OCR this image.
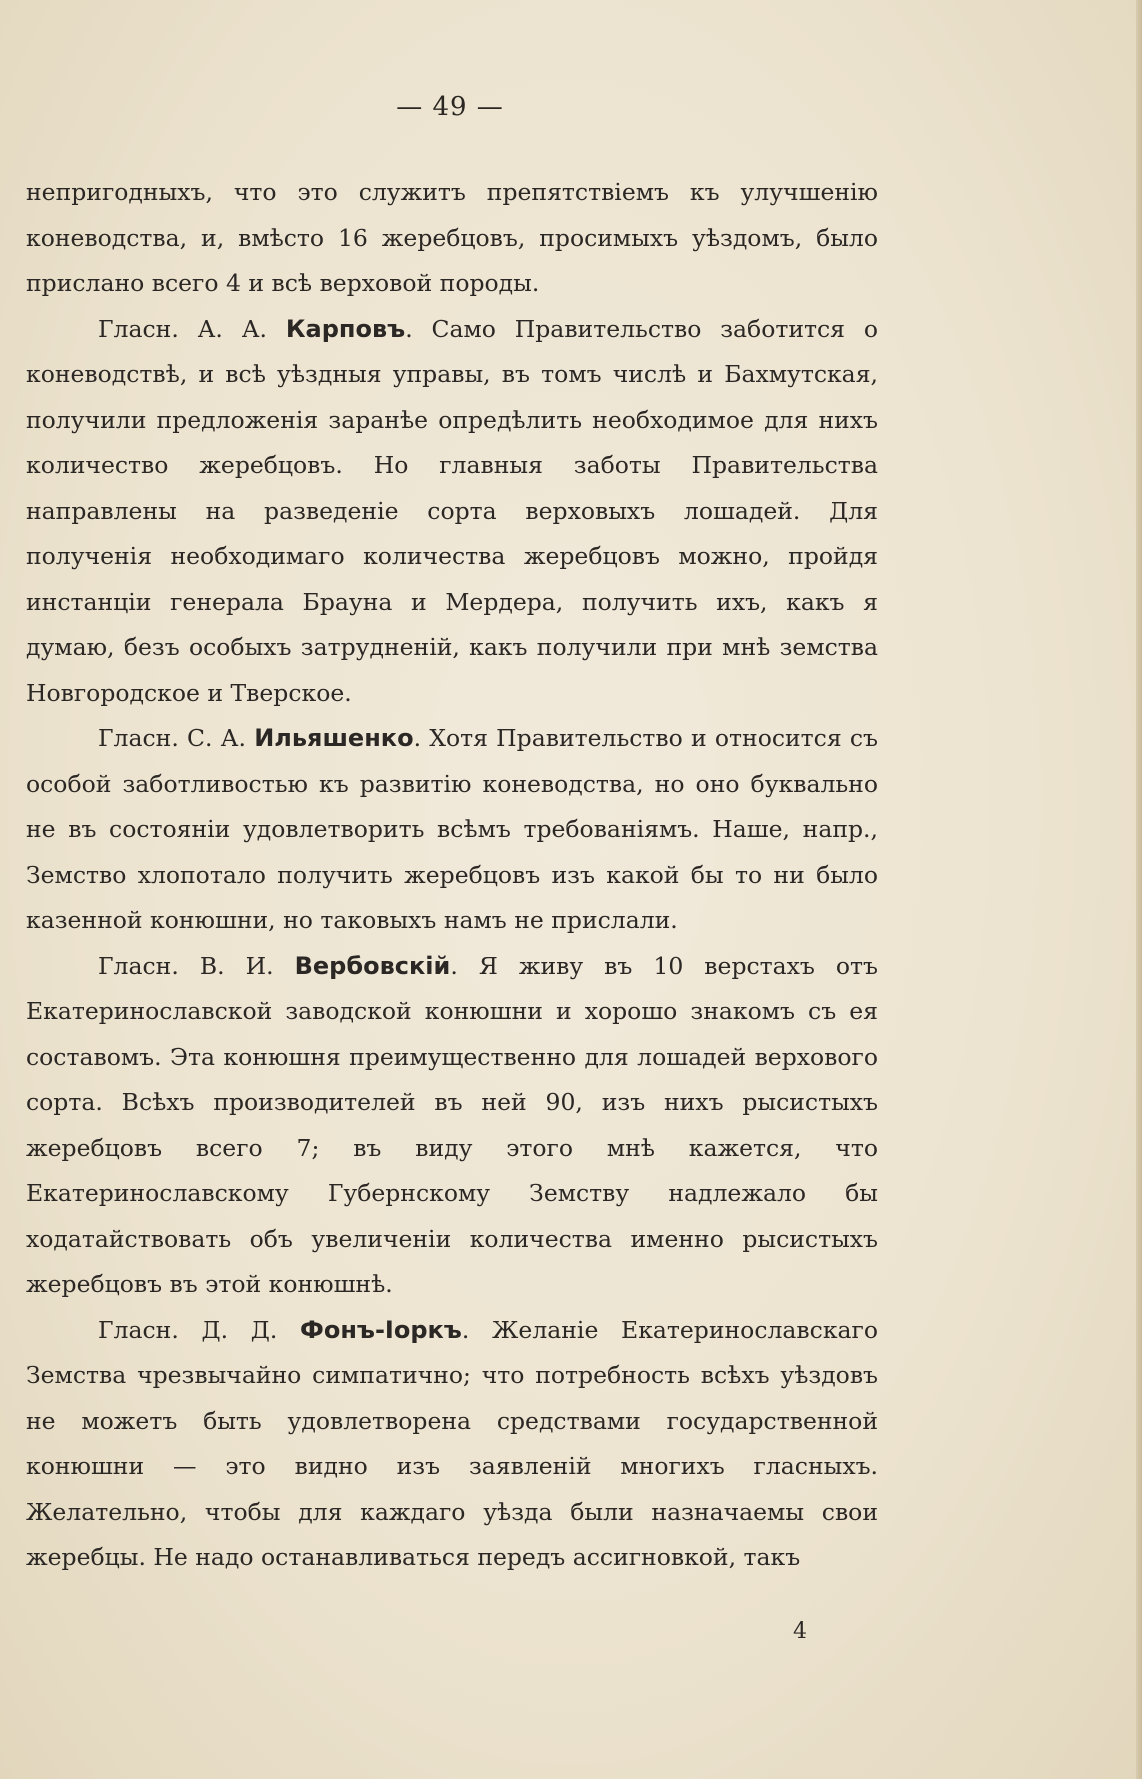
— 49 —

непригодныхъ, что это служитъ препятствіемъ къ улучшенію коневодства, и, вмѣсто 16 жеребцовъ, просимыхъ уѣздомъ, было прислано всего 4 и всѣ верховой породы.

Гласн. А. А. Карповъ. Само Правительство заботится о коневодствѣ, и всѣ уѣздныя управы, въ томъ числѣ и Бахмутская, получили предложенія заранѣе опредѣлить необходимое для нихъ количество жеребцовъ. Но главныя заботы Правительства направлены на разведеніе сорта верховыхъ лошадей. Для полученія необходимаго количества жеребцовъ можно, пройдя инстанціи генерала Брауна и Мердера, получить ихъ, какъ я думаю, безъ особыхъ затрудненій, какъ получили при мнѣ земства Новгородское и Тверское.

Гласн. С. А. Ильяшенко. Хотя Правительство и относится съ особой заботливостью къ развитію коневодства, но оно буквально не въ состояніи удовлетворить всѣмъ требованіямъ. Наше, напр., Земство хлопотало получить жеребцовъ изъ какой бы то ни было казенной конюшни, но таковыхъ намъ не прислали.

Гласн. В. И. Вербовскій. Я живу въ 10 верстахъ отъ Екатеринославской заводской конюшни и хорошо знакомъ съ ея составомъ. Эта конюшня преимущественно для лошадей верхового сорта. Всѣхъ производителей въ ней 90, изъ нихъ рысистыхъ жеребцовъ всего 7; въ виду этого мнѣ кажется, что Екатеринославскому Губернскому Земству надлежало бы ходатайствовать объ увеличеніи количества именно рысистыхъ жеребцовъ въ этой конюшнѣ.

Гласн. Д. Д. Фонъ-Іоркъ. Желаніе Екатеринославскаго Земства чрезвычайно симпатично; что потребность всѣхъ уѣздовъ не можетъ быть удовлетворена средствами государственной конюшни — это видно изъ заявленій многихъ гласныхъ. Желательно, чтобы для каждаго уѣзда были назначаемы свои жеребцы. Не надо останавливаться передъ ассигновкой, такъ

4
